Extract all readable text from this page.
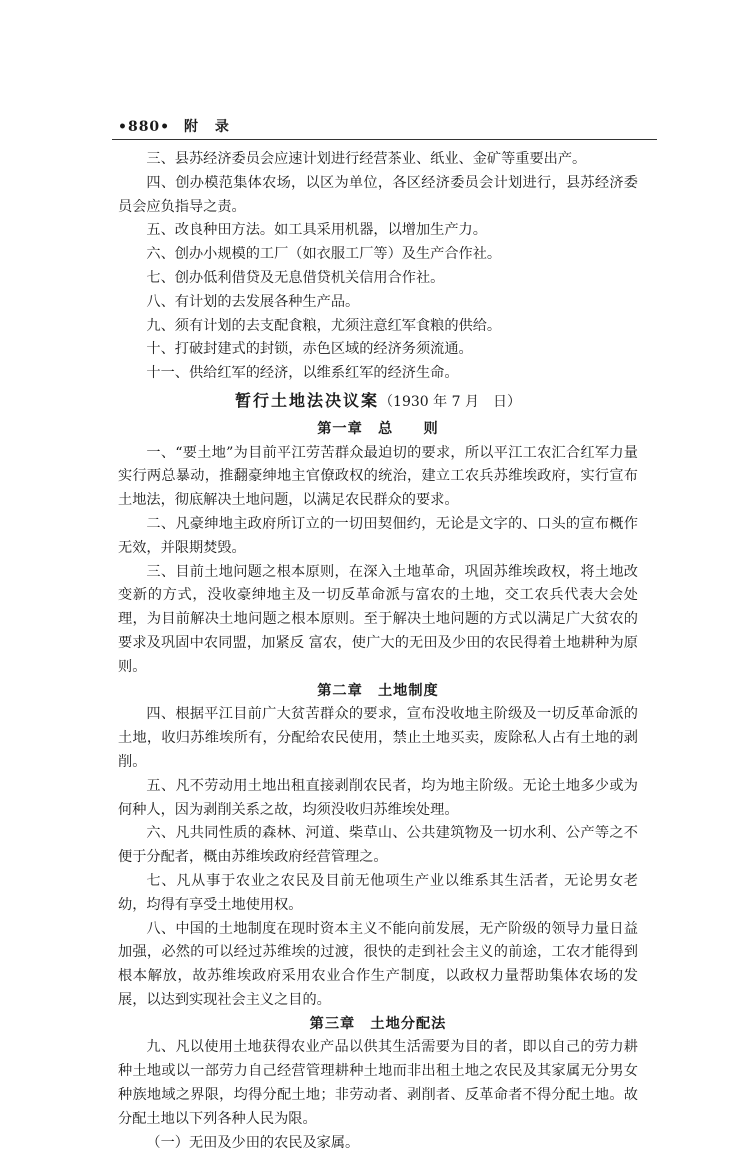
•880• 附 录

三、县苏经济委员会应速计划进行经营茶业、纸业、金矿等重要出产。

四、创办模范集体农场，以区为单位，各区经济委员会计划进行，县苏经济委员会应负指导之责。

五、改良种田方法。如工具采用机器，以增加生产力。

六、创办小规模的工厂（如衣服工厂等）及生产合作社。

七、创办低利借贷及无息借贷机关信用合作社。

八、有计划的去发展各种生产品。

九、须有计划的去支配食粮，尤须注意红军食粮的供给。

十、打破封建式的封锁，赤色区域的经济务须流通。

十一、供给红军的经济，以维系红军的经济生命。

暂行土地法决议案（1930 年 7 月　日）
第一章　总　　则

一、“要土地”为目前平江劳苦群众最迫切的要求，所以平江工农汇合红军力量实行两总暴动，推翻豪绅地主官僚政权的统治，建立工农兵苏维埃政府，实行宣布土地法，彻底解决土地问题，以满足农民群众的要求。

二、凡豪绅地主政府所订立的一切田契佃约，无论是文字的、口头的宣布概作无效，并限期焚毁。

三、目前土地问题之根本原则，在深入土地革命，巩固苏维埃政权，将土地改变新的方式，没收豪绅地主及一切反革命派与富农的土地，交工农兵代表大会处理，为目前解决土地问题之根本原则。至于解决土地问题的方式以满足广大贫农的要求及巩固中农同盟，加紧反 富农，使广大的无田及少田的农民得着土地耕种为原则。

第二章　土地制度

四、根据平江目前广大贫苦群众的要求，宣布没收地主阶级及一切反革命派的土地，收归苏维埃所有，分配给农民使用，禁止土地买卖，废除私人占有土地的剥削。

五、凡不劳动用土地出租直接剥削农民者，均为地主阶级。无论土地多少或为何种人，因为剥削关系之故，均须没收归苏维埃处理。

六、凡共同性质的森林、河道、柴草山、公共建筑物及一切水利、公产等之不便于分配者，概由苏维埃政府经营管理之。

七、凡从事于农业之农民及目前无他项生产业以维系其生活者，无论男女老幼，均得有享受土地使用权。

八、中国的土地制度在现时资本主义不能向前发展，无产阶级的领导力量日益加强，必然的可以经过苏维埃的过渡，很快的走到社会主义的前途，工农才能得到根本解放，故苏维埃政府采用农业合作生产制度，以政权力量帮助集体农场的发展，以达到实现社会主义之目的。

第三章　土地分配法

九、凡以使用土地获得农业产品以供其生活需要为目的者，即以自己的劳力耕种土地或以一部劳力自己经营管理耕种土地而非出租土地之农民及其家属无分男女种族地域之界限，均得分配土地；非劳动者、剥削者、反革命者不得分配土地。故分配土地以下列各种人民为限。

（一）无田及少田的农民及家属。
